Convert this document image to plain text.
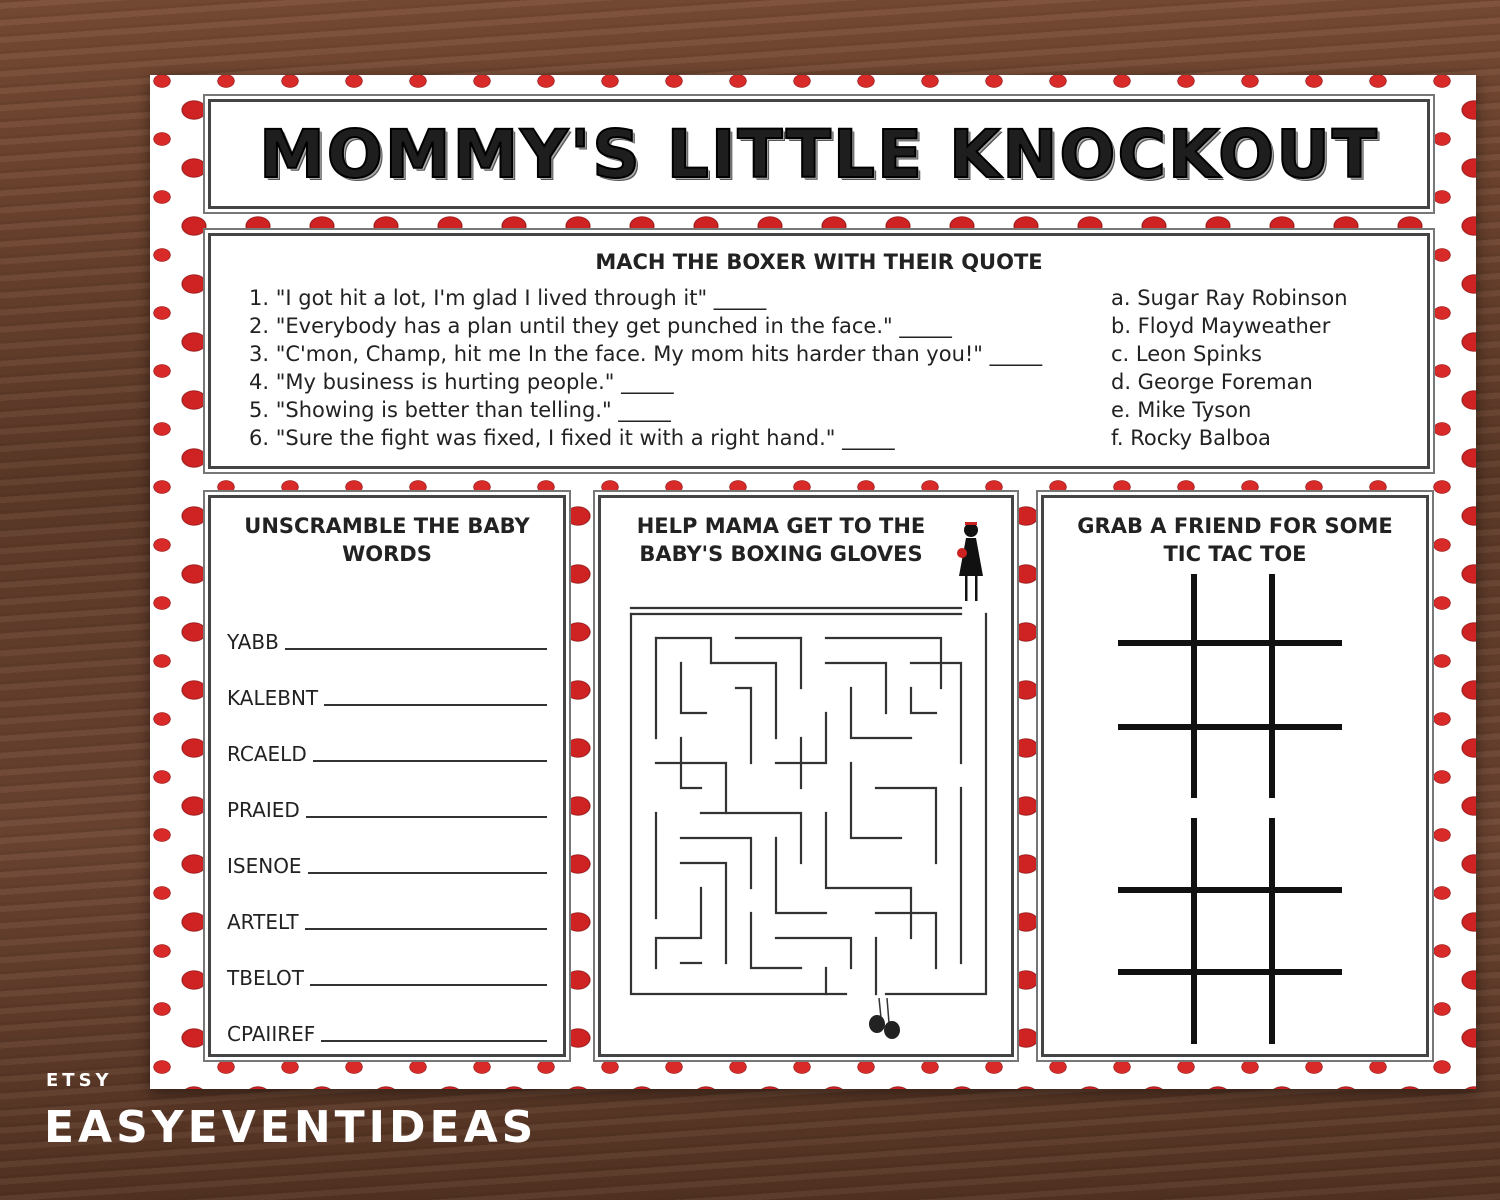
MOMMY'S LITTLE KNOCKOUT
MACH THE BOXER WITH THEIR QUOTE
1. "I got hit a lot, I'm glad I lived through it" _____
2. "Everybody has a plan until they get punched in the face." _____
3. "C'mon, Champ, hit me In the face. My mom hits harder than you!" _____
4. "My business is hurting people." _____
5. "Showing is better than telling." _____
6. "Sure the fight was fixed, I fixed it with a right hand." _____
a. Sugar Ray Robinson
b. Floyd Mayweather
c. Leon Spinks
d. George Foreman
e. Mike Tyson
f. Rocky Balboa
UNSCRAMBLE THE BABY
WORDS
YABB
KALEBNT
RCAELD
PRAIED
ISENOE
ARTELT
TBELOT
CPAIIREF
HELP MAMA GET TO THE
BABY'S BOXING GLOVES
GRAB A FRIEND FOR SOME
TIC TAC TOE
ETSY
EASYEVENTIDEAS
